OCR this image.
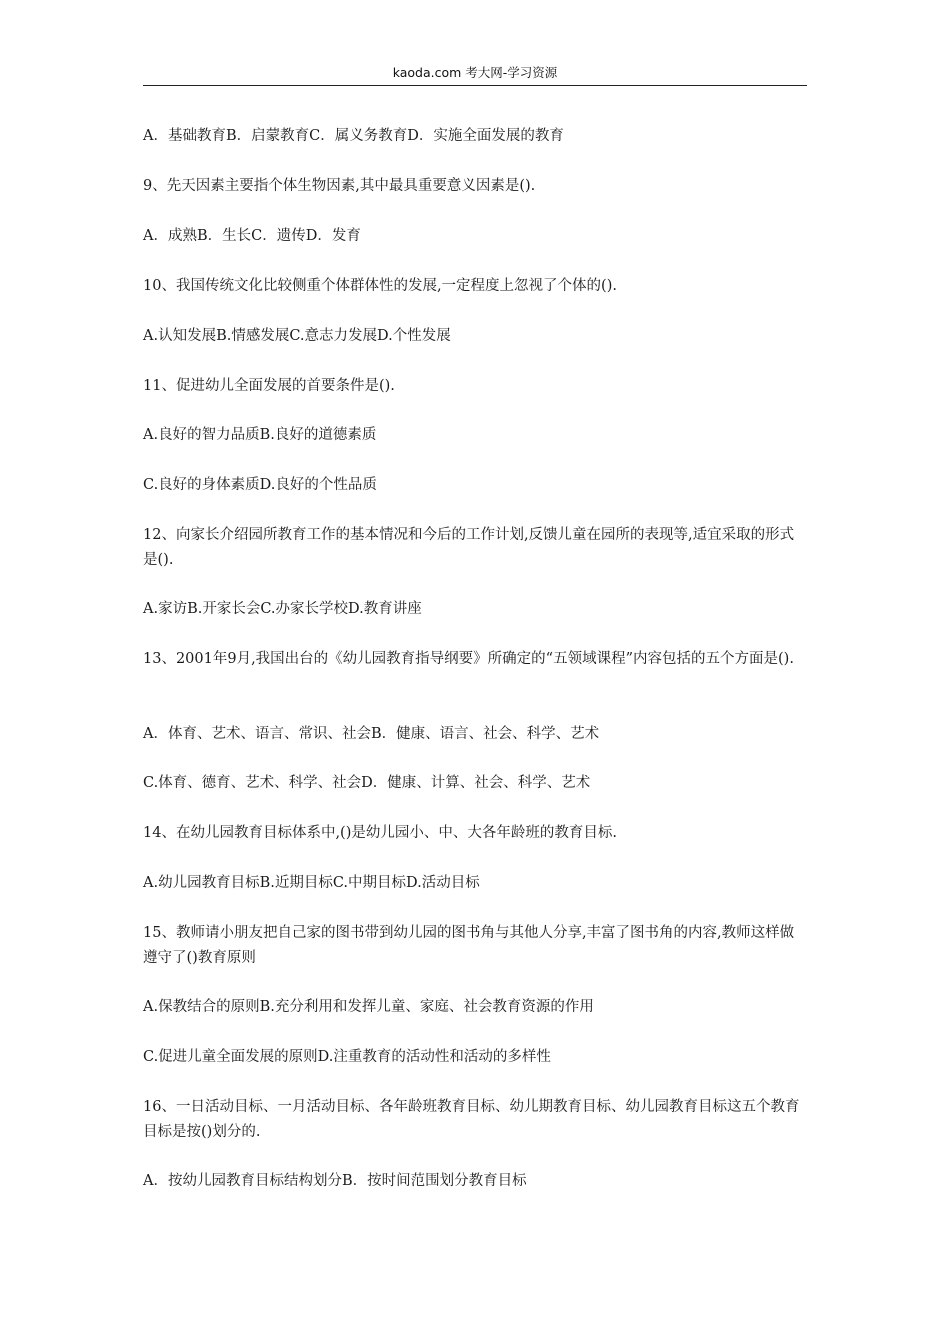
kaoda.com 考大网-学习资源
A．基础教育B．启蒙教育C．属义务教育D．实施全面发展的教育
9、先天因素主要指个体生物因素,其中最具重要意义因素是().
A．成熟B．生长C．遗传D．发育
10、我国传统文化比较侧重个体群体性的发展,一定程度上忽视了个体的().
A.认知发展B.情感发展C.意志力发展D.个性发展
11、促进幼儿全面发展的首要条件是().
A.良好的智力品质B.良好的道德素质
C.良好的身体素质D.良好的个性品质
12、向家长介绍园所教育工作的基本情况和今后的工作计划,反馈儿童在园所的表现等,适宜采取的形式是().
A.家访B.开家长会C.办家长学校D.教育讲座
13、2001年9月,我国出台的《幼儿园教育指导纲要》所确定的“五领域课程”内容包括的五个方面是().
A．体育、艺术、语言、常识、社会B．健康、语言、社会、科学、艺术
C.体育、德育、艺术、科学、社会D．健康、计算、社会、科学、艺术
14、在幼儿园教育目标体系中,()是幼儿园小、中、大各年龄班的教育目标.
A.幼儿园教育目标B.近期目标C.中期目标D.活动目标
15、教师请小朋友把自己家的图书带到幼儿园的图书角与其他人分享,丰富了图书角的内容,教师这样做遵守了()教育原则
A.保教结合的原则B.充分利用和发挥儿童、家庭、社会教育资源的作用
C.促进儿童全面发展的原则D.注重教育的活动性和活动的多样性
16、一日活动目标、一月活动目标、各年龄班教育目标、幼儿期教育目标、幼儿园教育目标这五个教育目标是按()划分的.
A．按幼儿园教育目标结构划分B．按时间范围划分教育目标
